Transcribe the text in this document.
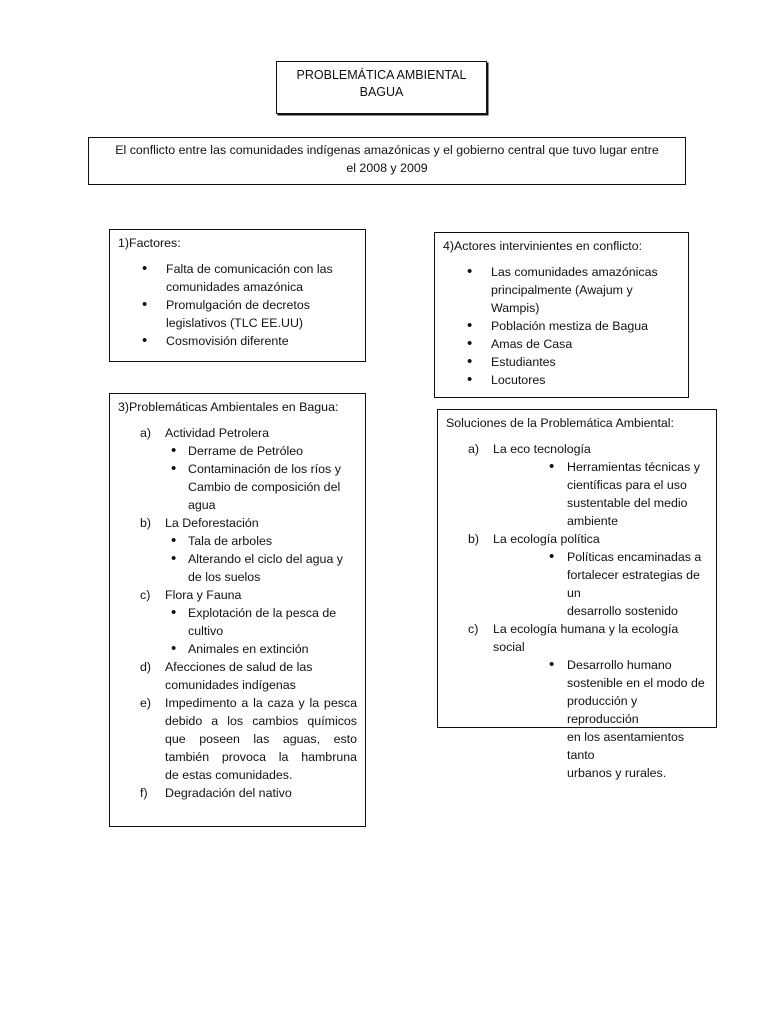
PROBLEMÁTICA AMBIENTAL
BAGUA
El conflicto entre las comunidades indígenas amazónicas y el gobierno central que tuvo lugar entre
el 2008 y 2009
1)Factores:
• Falta de comunicación con las
comunidades amazónica
• Promulgación de decretos
legislativos (TLC EE.UU)
• Cosmovisión diferente
4)Actores intervinientes en conflicto:
• Las comunidades amazónicas
principalmente (Awajum y
Wampis)
• Población mestiza de Bagua
• Amas de Casa
• Estudiantes
• Locutores
3)Problemáticas Ambientales en Bagua:
a) Actividad Petrolera
• Derrame de Petróleo
• Contaminación de los ríos y
Cambio de composición del
agua
b) La Deforestación
• Tala de arboles
• Alterando el ciclo del agua y
de los suelos
c) Flora y Fauna
• Explotación de la pesca de
cultivo
• Animales en extinción
d) Afecciones de salud de las
comunidades indígenas
e) Impedimento a la caza y la pesca
debido a los cambios químicos
que poseen las aguas, esto
también provoca la hambruna
de estas comunidades.
f) Degradación del nativo
Soluciones de la Problemática Ambiental:
a) La eco tecnología
• Herramientas técnicas y
científicas para el uso
sustentable del medio
ambiente
b) La ecología política
• Políticas encaminadas a
fortalecer estrategias de un
desarrollo sostenido
c) La ecología humana y la ecología
social
• Desarrollo humano
sostenible en el modo de
producción y reproducción
en los asentamientos tanto
urbanos y rurales.
